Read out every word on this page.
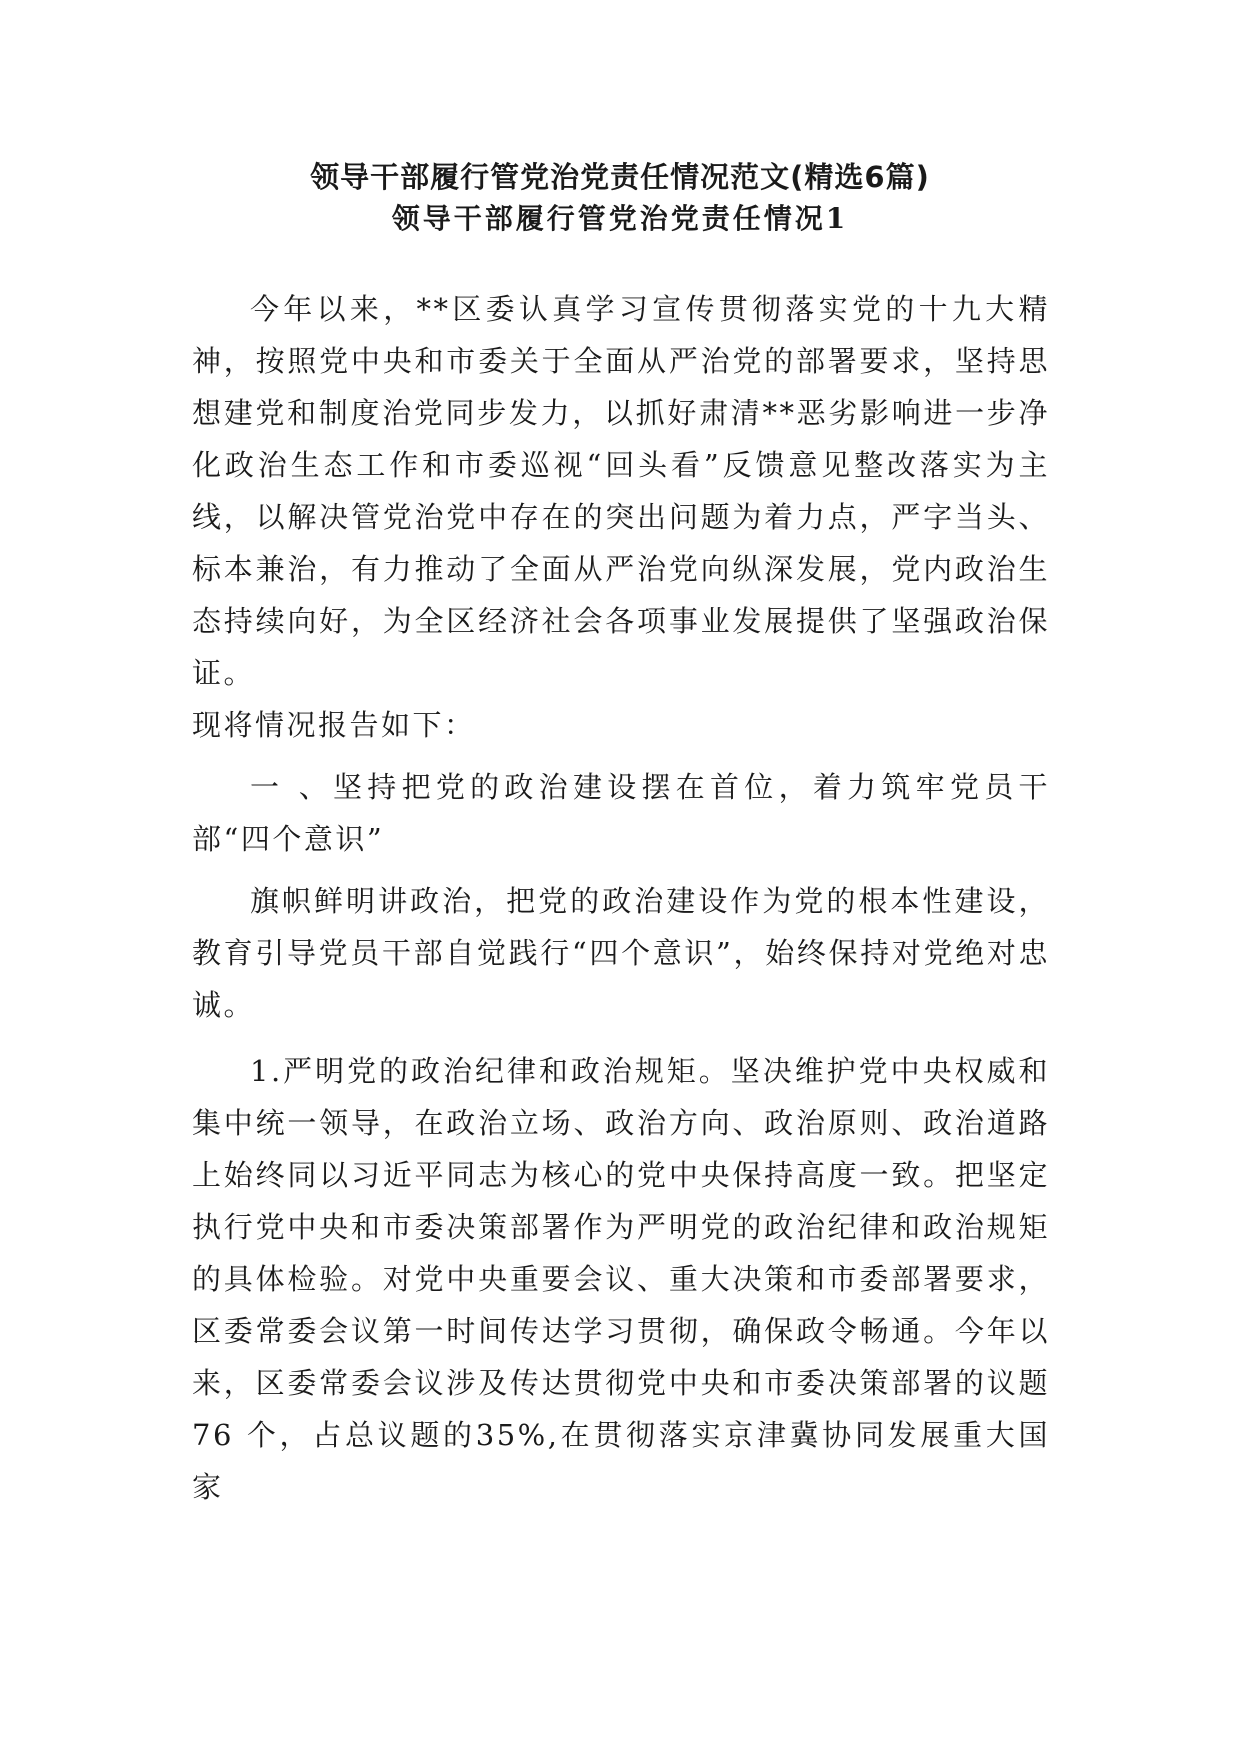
领导干部履行管党治党责任情况范文(精选6篇)
领导干部履行管党治党责任情况1

今年以来，**区委认真学习宣传贯彻落实党的十九大精神，按照党中央和市委关于全面从严治党的部署要求，坚持思想建党和制度治党同步发力，以抓好肃清**恶劣影响进一步净化政治生态工作和市委巡视“回头看”反馈意见整改落实为主线，以解决管党治党中存在的突出问题为着力点，严字当头、标本兼治，有力推动了全面从严治党向纵深发展，党内政治生态持续向好，为全区经济社会各项事业发展提供了坚强政治保证。

现将情况报告如下：

一 、坚持把党的政治建设摆在首位，着力筑牢党员干部“四个意识”

旗帜鲜明讲政治，把党的政治建设作为党的根本性建设，教育引导党员干部自觉践行“四个意识”，始终保持对党绝对忠诚。

1.严明党的政治纪律和政治规矩。坚决维护党中央权威和集中统一领导，在政治立场、政治方向、政治原则、政治道路上始终同以习近平同志为核心的党中央保持高度一致。把坚定执行党中央和市委决策部署作为严明党的政治纪律和政治规矩的具体检验。对党中央重要会议、重大决策和市委部署要求，区委常委会议第一时间传达学习贯彻，确保政令畅通。今年以来，区委常委会议涉及传达贯彻党中央和市委决策部署的议题76 个，占总议题的35%,在贯彻落实京津冀协同发展重大国家
